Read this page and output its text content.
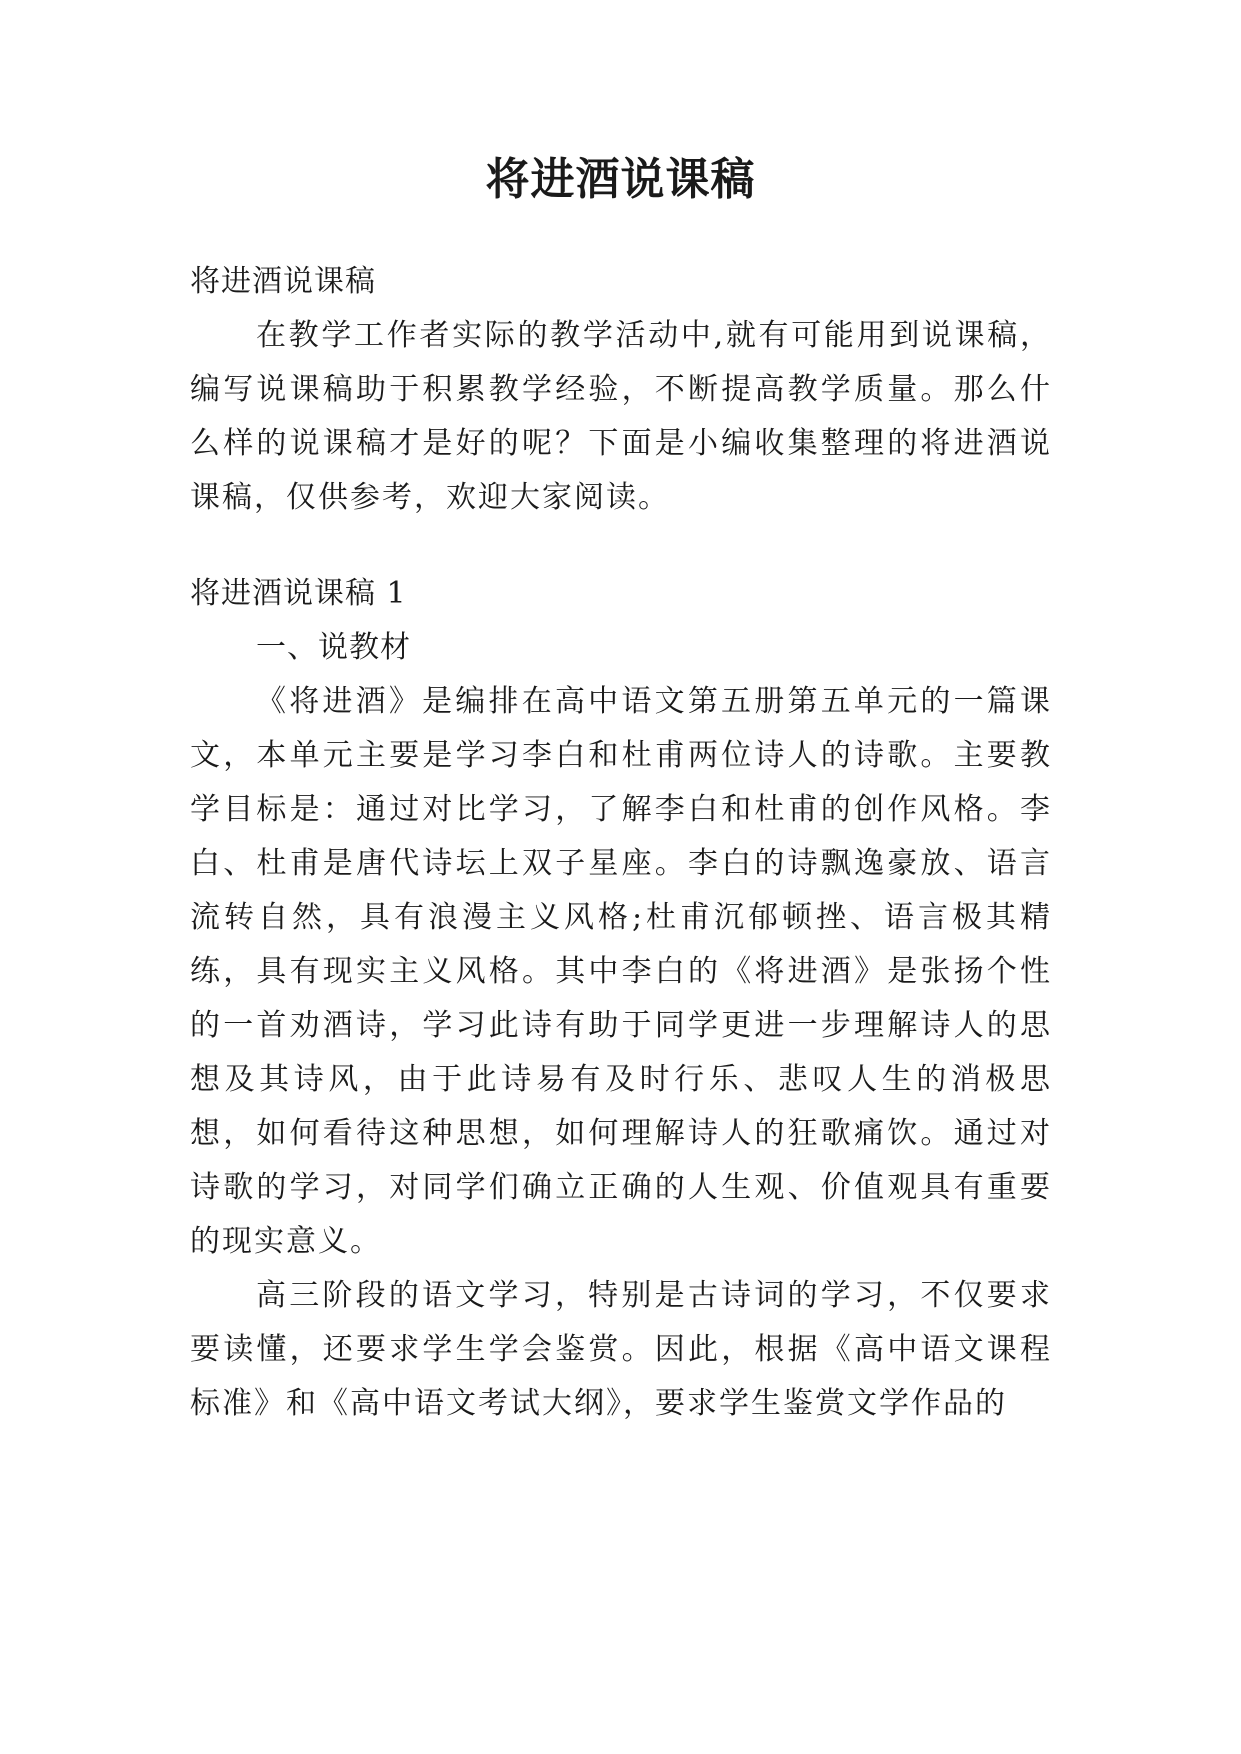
将进酒说课稿

将进酒说课稿

在教学工作者实际的教学活动中,就有可能用到说课稿，编写说课稿助于积累教学经验，不断提高教学质量。那么什么样的说课稿才是好的呢？下面是小编收集整理的将进酒说课稿，仅供参考，欢迎大家阅读。

将进酒说课稿 1

一、说教材

《将进酒》是编排在高中语文第五册第五单元的一篇课文，本单元主要是学习李白和杜甫两位诗人的诗歌。主要教学目标是：通过对比学习，了解李白和杜甫的创作风格。李白、杜甫是唐代诗坛上双子星座。李白的诗飘逸豪放、语言流转自然，具有浪漫主义风格;杜甫沉郁顿挫、语言极其精练，具有现实主义风格。其中李白的《将进酒》是张扬个性的一首劝酒诗，学习此诗有助于同学更进一步理解诗人的思想及其诗风，由于此诗易有及时行乐、悲叹人生的消极思想，如何看待这种思想，如何理解诗人的狂歌痛饮。通过对诗歌的学习，对同学们确立正确的人生观、价值观具有重要的现实意义。

高三阶段的语文学习，特别是古诗词的学习，不仅要求要读懂，还要求学生学会鉴赏。因此，根据《高中语文课程标准》和《高中语文考试大纲》，要求学生鉴赏文学作品的
